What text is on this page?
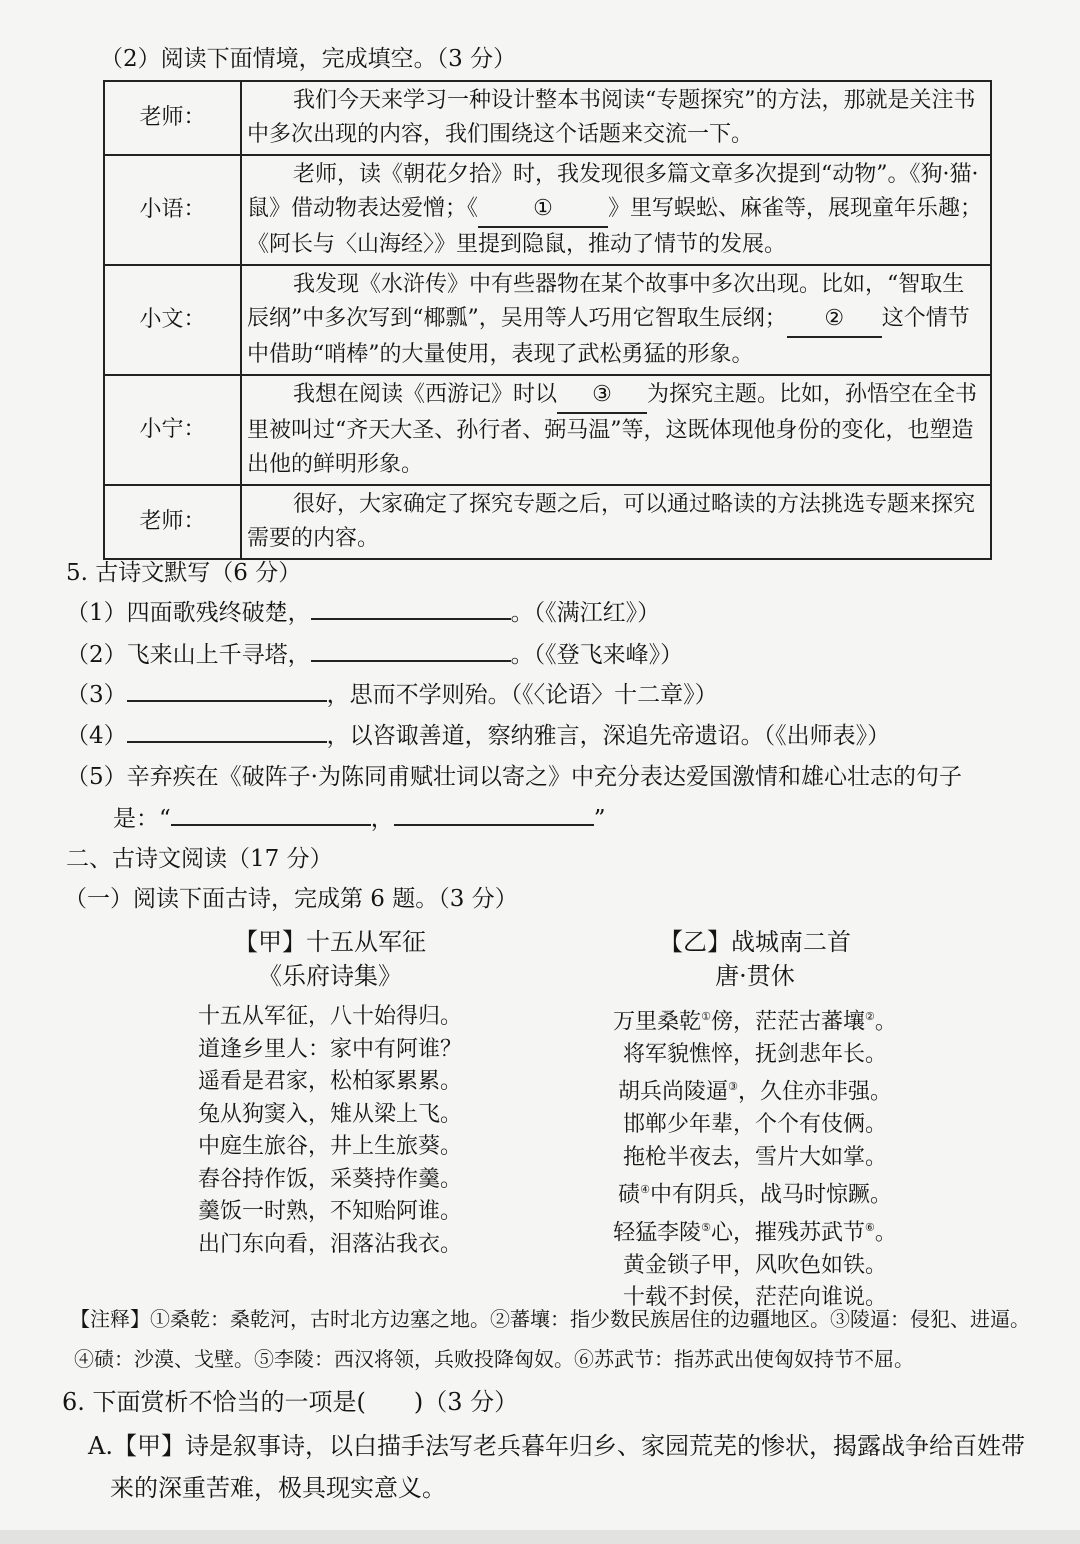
（2）阅读下面情境，完成填空。（3 分）
老师：	我们今天来学习一种设计整本书阅读“专题探究”的方法，那就是关注书中多次出现的内容，我们围绕这个话题来交流一下。
小语：	老师，读《朝花夕拾》时，我发现很多篇文章多次提到“动物”。《狗·猫·鼠》借动物表达爱憎；《 ① 》里写蜈蚣、麻雀等，展现童年乐趣；《阿长与〈山海经〉》里提到隐鼠，推动了情节的发展。
小文：	我发现《水浒传》中有些器物在某个故事中多次出现。比如，“智取生辰纲”中多次写到“椰瓢”，吴用等人巧用它智取生辰纲； ② 这个情节中借助“哨棒”的大量使用，表现了武松勇猛的形象。
小宁：	我想在阅读《西游记》时以 ③ 为探究主题。比如，孙悟空在全书里被叫过“齐天大圣、孙行者、弼马温”等，这既体现他身份的变化，也塑造出他的鲜明形象。
老师：	很好，大家确定了探究专题之后，可以通过略读的方法挑选专题来探究需要的内容。
5. 古诗文默写（6 分）
（1）四面歌残终破楚，	。（《满江红》）
（2）飞来山上千寻塔，	。（《登飞来峰》）
（3）	，思而不学则殆。（《〈论语〉十二章》）
（4）	，以咨诹善道，察纳雅言，深追先帝遗诏。（《出师表》）
（5）辛弃疾在《破阵子·为陈同甫赋壮词以寄之》中充分表达爱国激情和雄心壮志的句子
是：“	，	”
二、古诗文阅读（17 分）
（一）阅读下面古诗，完成第 6 题。（3 分）
【甲】十五从军征
《乐府诗集》
十五从军征，八十始得归。
道逢乡里人：家中有阿谁？
遥看是君家，松柏冢累累。
兔从狗窦入，雉从梁上飞。
中庭生旅谷，井上生旅葵。
舂谷持作饭，采葵持作羹。
羹饭一时熟，不知贻阿谁。
出门东向看，泪落沾我衣。
【乙】战城南二首
唐·贯休
万里桑乾①傍，茫茫古蕃壤②。
将军貌憔悴，抚剑悲年长。
胡兵尚陵逼③，久住亦非强。
邯郸少年辈，个个有伎俩。
拖枪半夜去，雪片大如掌。
碛④中有阴兵，战马时惊蹶。
轻猛李陵⑤心，摧残苏武节⑥。
黄金锁子甲，风吹色如铁。
十载不封侯，茫茫向谁说。
【注释】①桑乾：桑乾河，古时北方边塞之地。②蕃壤：指少数民族居住的边疆地区。③陵逼：侵犯、进逼。
④碛：沙漠、戈壁。⑤李陵：西汉将领，兵败投降匈奴。⑥苏武节：指苏武出使匈奴持节不屈。
6. 下面赏析不恰当的一项是(　　)（3 分）
A.【甲】诗是叙事诗，以白描手法写老兵暮年归乡、家园荒芜的惨状，揭露战争给百姓带
来的深重苦难，极具现实意义。
